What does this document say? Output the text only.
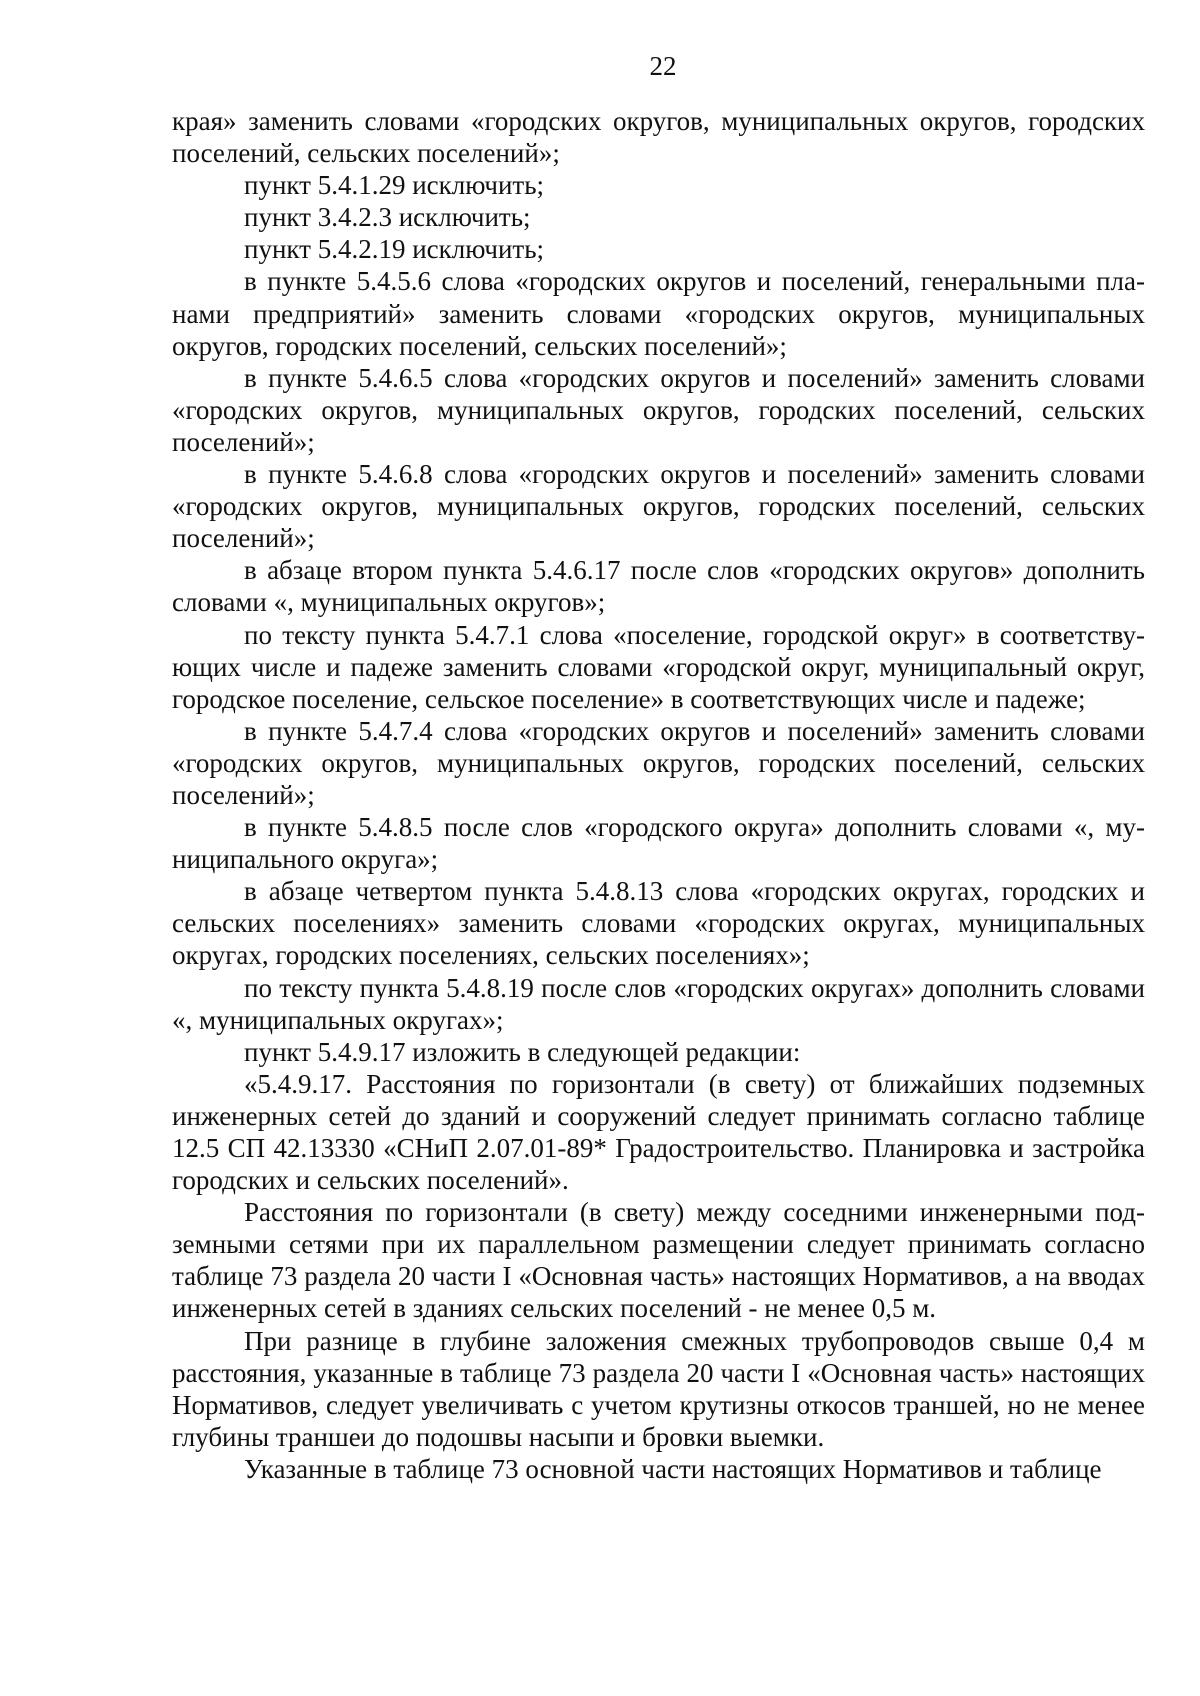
22

края» заменить словами «городских округов, муниципальных округов, городских поселений, сельских поселений»;

пункт 5.4.1.29 исключить;

пункт 3.4.2.3 исключить;

пункт 5.4.2.19 исключить;

в пункте 5.4.5.6 слова «городских округов и поселений, генеральными планами предприятий» заменить словами «городских округов, муниципальных округов, городских поселений, сельских поселений»;

в пункте 5.4.6.5 слова «городских округов и поселений» заменить словами «городских округов, муниципальных округов, городских поселений, сельских поселений»;

в пункте 5.4.6.8 слова «городских округов и поселений» заменить словами «городских округов, муниципальных округов, городских поселений, сельских поселений»;

в абзаце втором пункта 5.4.6.17 после слов «городских округов» дополнить словами «, муниципальных округов»;

по тексту пункта 5.4.7.1 слова «поселение, городской округ» в соответствующих числе и падеже заменить словами «городской округ, муниципальный округ, городское поселение, сельское поселение» в соответствующих числе и падеже;

в пункте 5.4.7.4 слова «городских округов и поселений» заменить словами «городских округов, муниципальных округов, городских поселений, сельских поселений»;

в пункте 5.4.8.5 после слов «городского округа» дополнить словами «, муниципального округа»;

в абзаце четвертом пункта 5.4.8.13 слова «городских округах, городских и сельских поселениях» заменить словами «городских округах, муниципальных округах, городских поселениях, сельских поселениях»;

по тексту пункта 5.4.8.19 после слов «городских округах» дополнить словами «, муниципальных округах»;

пункт 5.4.9.17 изложить в следующей редакции:

«5.4.9.17. Расстояния по горизонтали (в свету) от ближайших подземных инженерных сетей до зданий и сооружений следует принимать согласно таблице 12.5 СП 42.13330 «СНиП 2.07.01-89* Градостроительство. Планировка и застройка городских и сельских поселений».

Расстояния по горизонтали (в свету) между соседними инженерными подземными сетями при их параллельном размещении следует принимать согласно таблице 73 раздела 20 части I «Основная часть» настоящих Нормативов, а на вводах инженерных сетей в зданиях сельских поселений - не менее 0,5 м.

При разнице в глубине заложения смежных трубопроводов свыше 0,4 м расстояния, указанные в таблице 73 раздела 20 части I «Основная часть» настоящих Нормативов, следует увеличивать с учетом крутизны откосов траншей, но не менее глубины траншеи до подошвы насыпи и бровки выемки.

Указанные в таблице 73 основной части настоящих Нормативов и таблице
